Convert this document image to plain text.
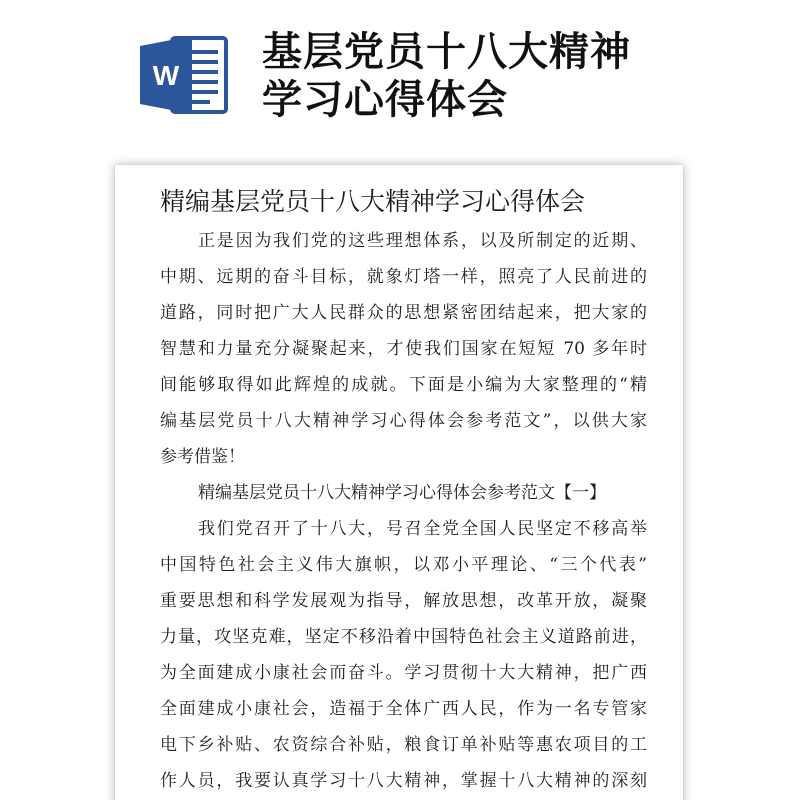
W
基层党员十八大精神
学习心得体会
精编基层党员十八大精神学习心得体会
正是因为我们党的这些理想体系，以及所制定的近期、
中期、远期的奋斗目标，就象灯塔一样，照亮了人民前进的
道路，同时把广大人民群众的思想紧密团结起来，把大家的
智慧和力量充分凝聚起来，才使我们国家在短短 70 多年时
间能够取得如此辉煌的成就。下面是小编为大家整理的“精
编基层党员十八大精神学习心得体会参考范文”，以供大家
参考借鉴！
精编基层党员十八大精神学习心得体会参考范文【一】
我们党召开了十八大，号召全党全国人民坚定不移高举
中国特色社会主义伟大旗帜，以邓小平理论、“三个代表”
重要思想和科学发展观为指导，解放思想，改革开放，凝聚
力量，攻坚克难，坚定不移沿着中国特色社会主义道路前进，
为全面建成小康社会而奋斗。学习贯彻十大大精神，把广西
全面建成小康社会，造福于全体广西人民，作为一名专管家
电下乡补贴、农资综合补贴，粮食订单补贴等惠农项目的工
作人员，我要认真学习十八大精神，掌握十八大精神的深刻
